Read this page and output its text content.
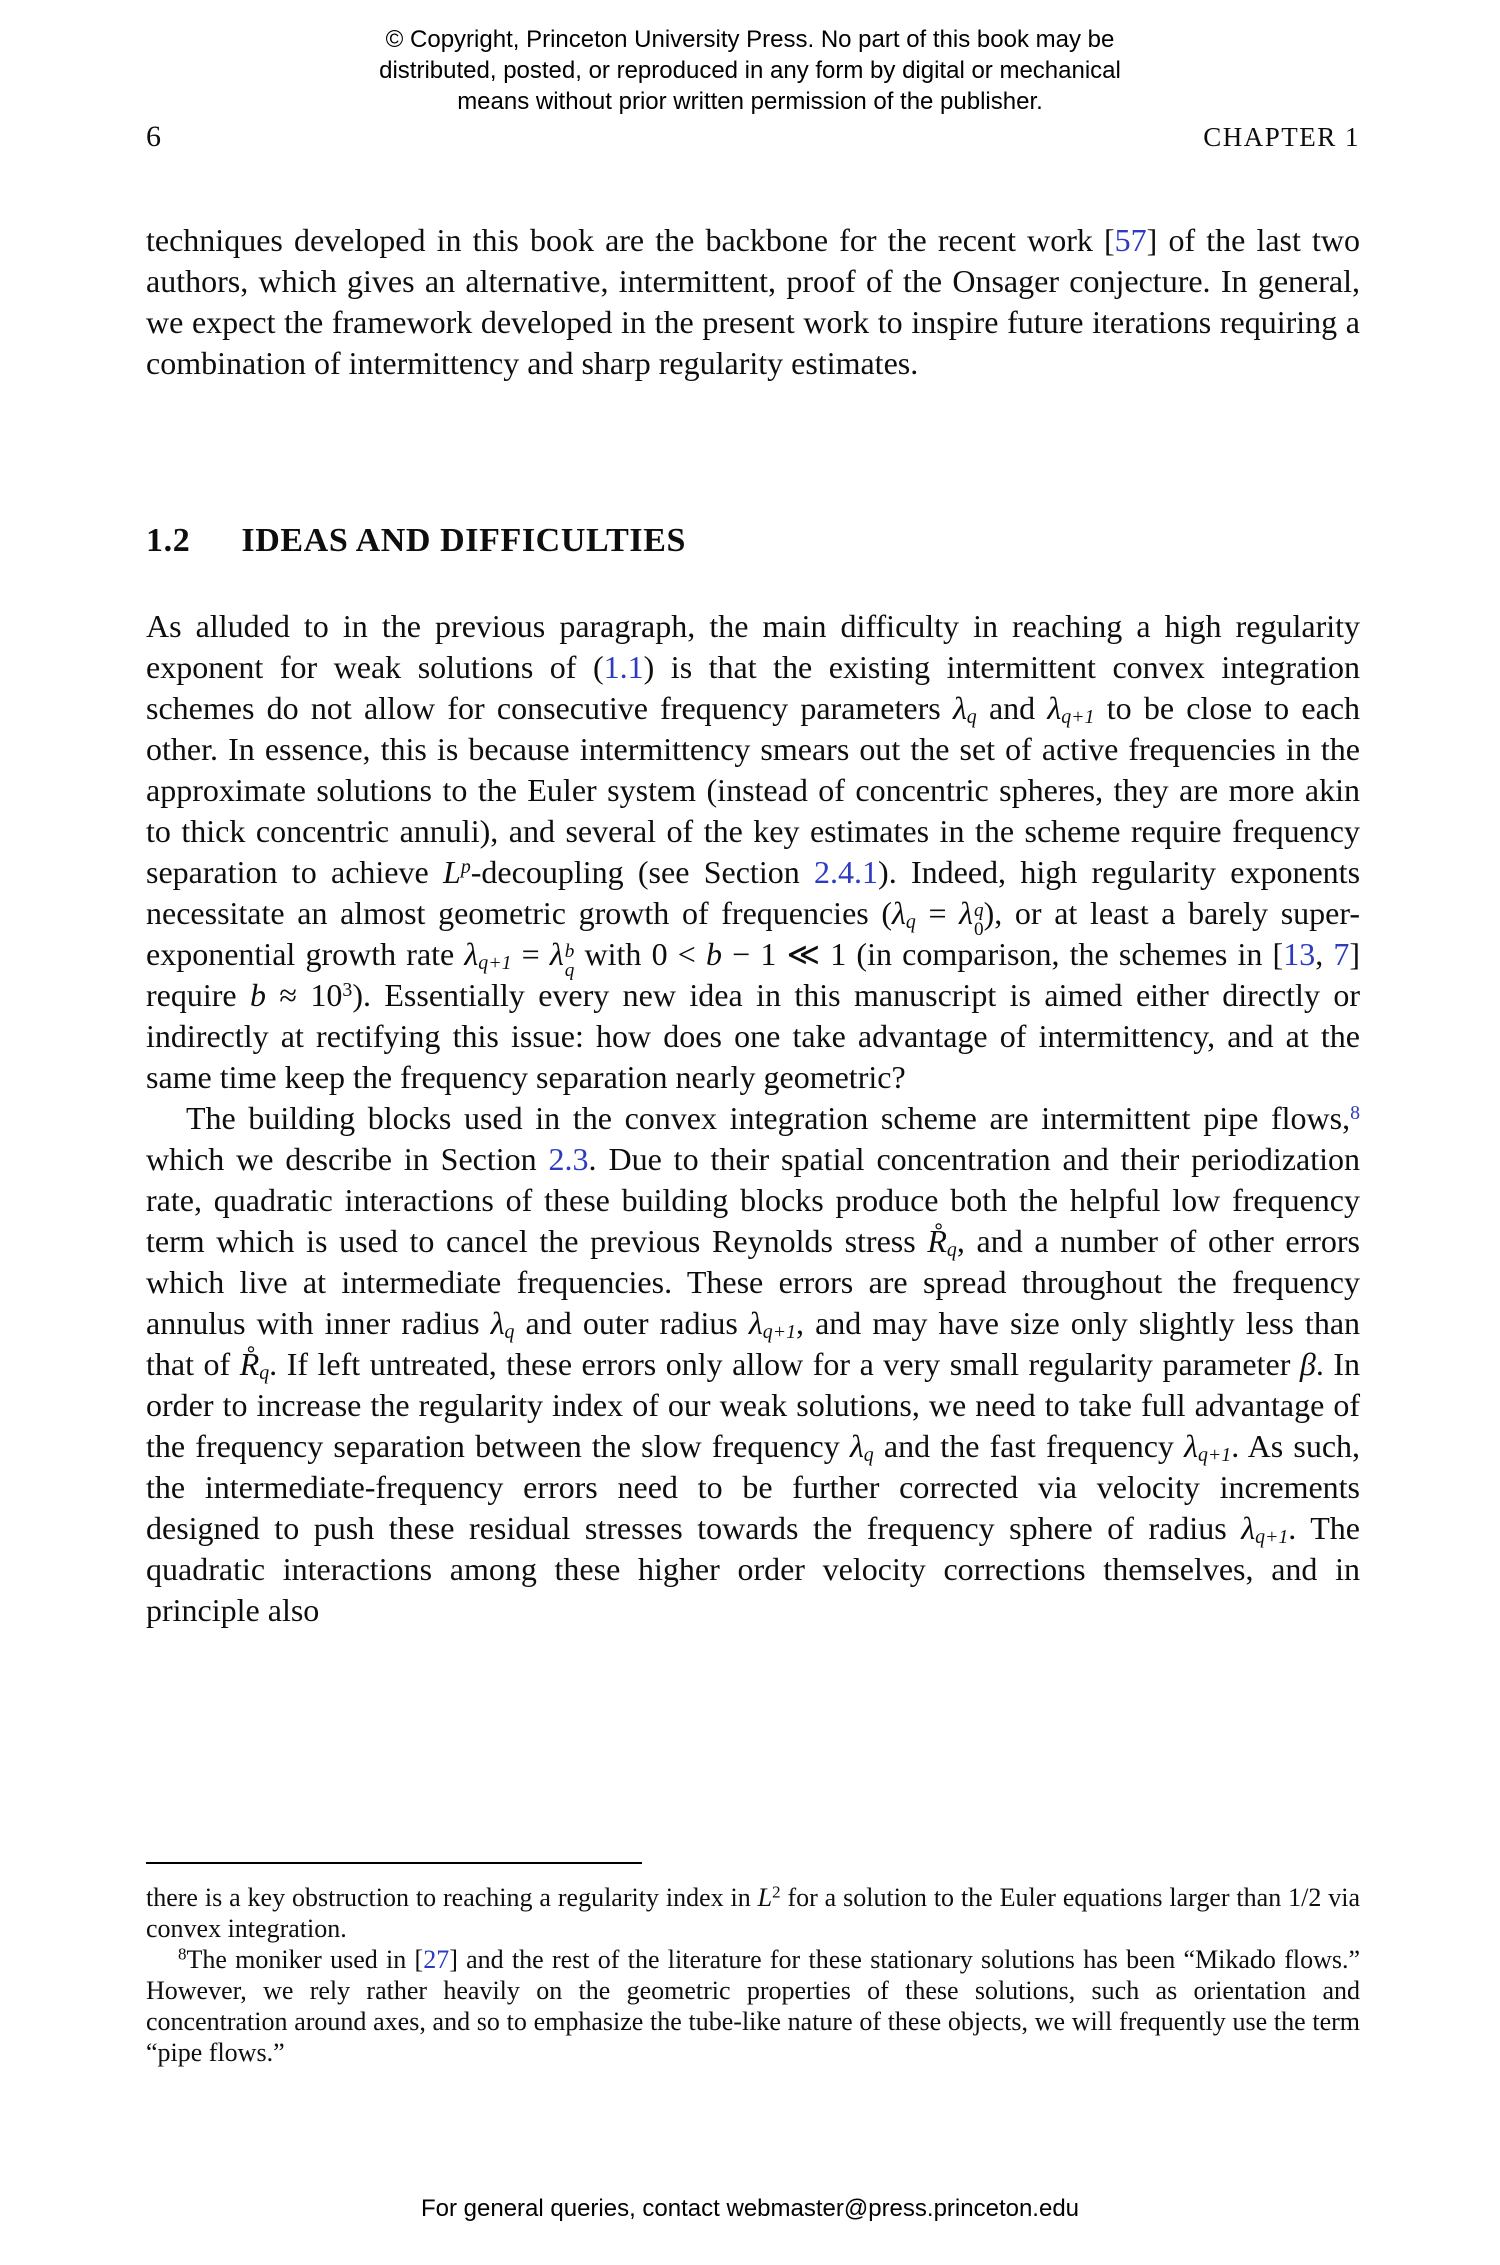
© Copyright, Princeton University Press. No part of this book may be
distributed, posted, or reproduced in any form by digital or mechanical
means without prior written permission of the publisher.
6	CHAPTER 1

techniques developed in this book are the backbone for the recent work [57] of the last two authors, which gives an alternative, intermittent, proof of the Onsager conjecture. In general, we expect the framework developed in the present work to inspire future iterations requiring a combination of intermittency and sharp regularity estimates.

1.2 IDEAS AND DIFFICULTIES

As alluded to in the previous paragraph, the main difficulty in reaching a high regularity exponent for weak solutions of (1.1) is that the existing intermittent convex integration schemes do not allow for consecutive frequency parameters $\lambda_q$ and $\lambda_{q+1}$ to be close to each other. In essence, this is because intermittency smears out the set of active frequencies in the approximate solutions to the Euler system (instead of concentric spheres, they are more akin to thick concentric annuli), and several of the key estimates in the scheme require frequency separation to achieve $L^p$-decoupling (see Section 2.4.1). Indeed, high regularity exponents necessitate an almost geometric growth of frequencies ($\lambda_q = \lambda$ q
0 ), or at least a barely super-exponential growth rate $\lambda_{q+1} = \lambda$ b
q with 0 < b − 1 ≪ 1 (in comparison, the schemes in [13, 7] require $b \approx 10^3$). Essentially every new idea in this manuscript is aimed either directly or indirectly at rectifying this issue: how does one take advantage of intermittency, and at the same time keep the frequency separation nearly geometric?

The building blocks used in the convex integration scheme are intermittent pipe flows,$^8$ which we describe in Section 2.3. Due to their spatial concentration and their periodization rate, quadratic interactions of these building blocks produce both the helpful low frequency term which is used to cancel the previous Reynolds stress $R̊_q$, and a number of other errors which live at intermediate frequencies. These errors are spread throughout the frequency annulus with inner radius $\lambda_q$ and outer radius $\lambda_{q+1}$, and may have size only slightly less than that of $R̊_q$. If left untreated, these errors only allow for a very small regularity parameter β. In order to increase the regularity index of our weak solutions, we need to take full advantage of the frequency separation between the slow frequency $\lambda_q$ and the fast frequency $\lambda_{q+1}$. As such, the intermediate-frequency errors need to be further corrected via velocity increments designed to push these residual stresses towards the frequency sphere of radius $\lambda_{q+1}$. The quadratic interactions among these higher order velocity corrections themselves, and in principle also

there is a key obstruction to reaching a regularity index in $L^2$ for a solution to the Euler equations larger than 1/2 via convex integration.

$^8$The moniker used in [27] and the rest of the literature for these stationary solutions has been “Mikado flows.” However, we rely rather heavily on the geometric properties of these solutions, such as orientation and concentration around axes, and so to emphasize the tube-like nature of these objects, we will frequently use the term “pipe flows.”

For general queries, contact webmaster@press.princeton.edu
